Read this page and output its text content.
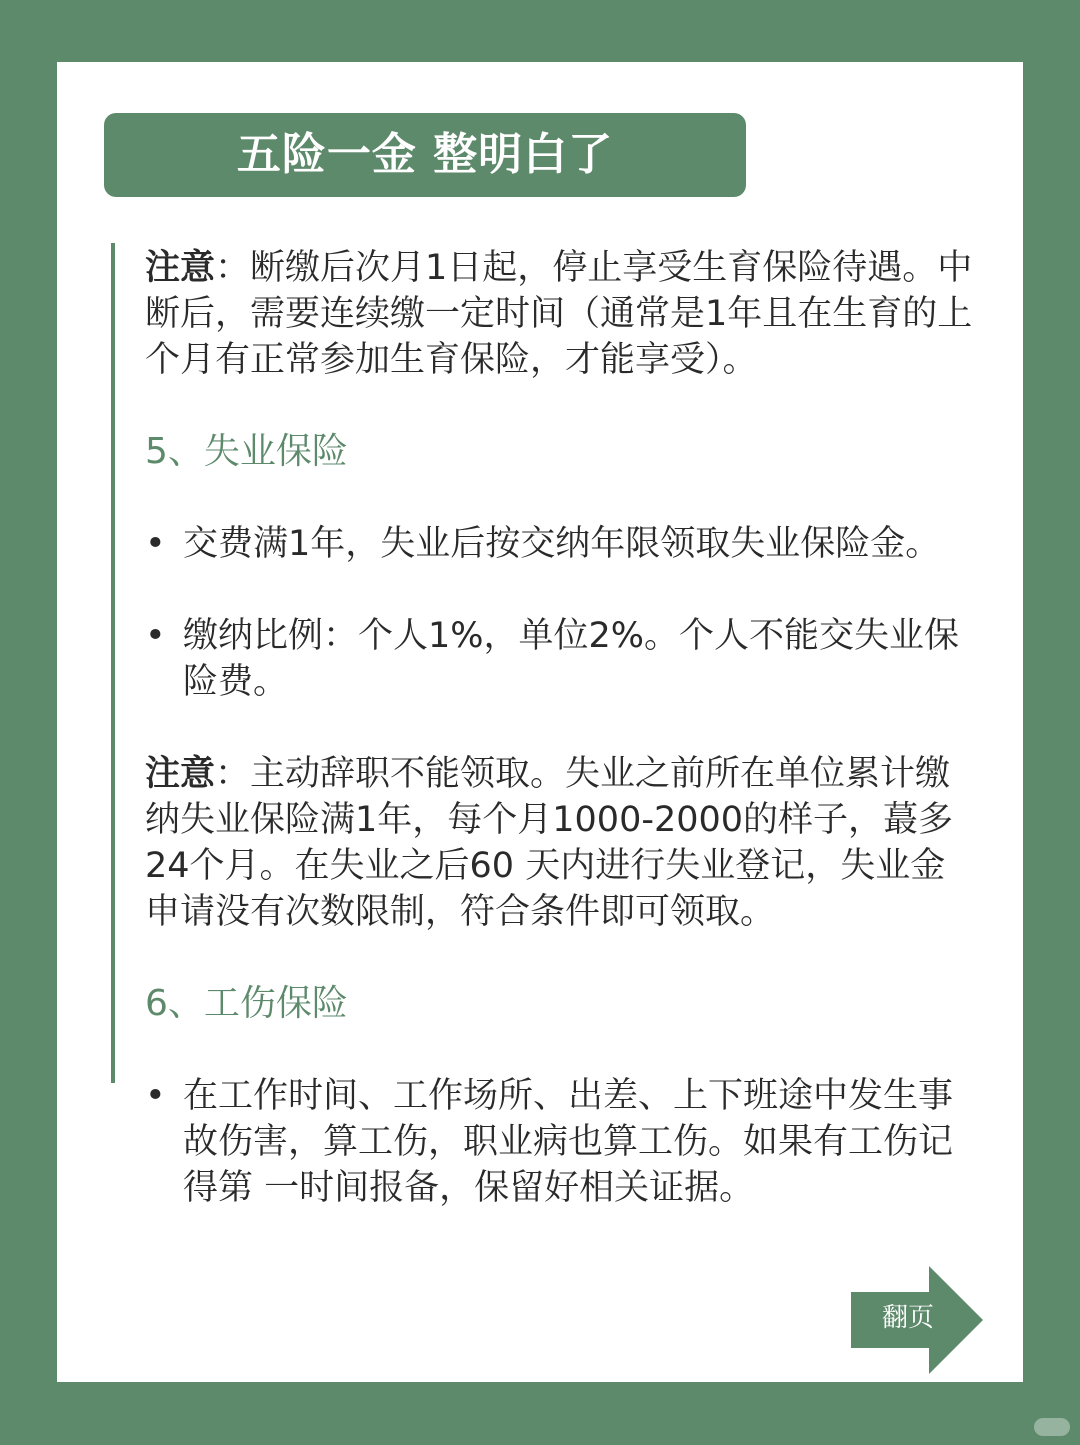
五险一金 整明白了

注意：断缴后次月1日起，停止享受生育保险待遇。中断后，需要连续缴一定时间（通常是1年且在生育的上个月有正常参加生育保险，才能享受）。

5、失业保险

• 交费满1年，失业后按交纳年限领取失业保险金。

• 缴纳比例：个人1%，单位2%。个人不能交失业保险费。

注意：主动辞职不能领取。失业之前所在单位累计缴纳失业保险满1年，每个月1000-2000的样子，蕞多24个月。在失业之后60 天内进行失业登记，失业金申请没有次数限制，符合条件即可领取。

6、工伤保险

• 在工作时间、工作场所、出差、上下班途中发生事故伤害，算工伤，职业病也算工伤。如果有工伤记得第 一时间报备，保留好相关证据。

翻页
